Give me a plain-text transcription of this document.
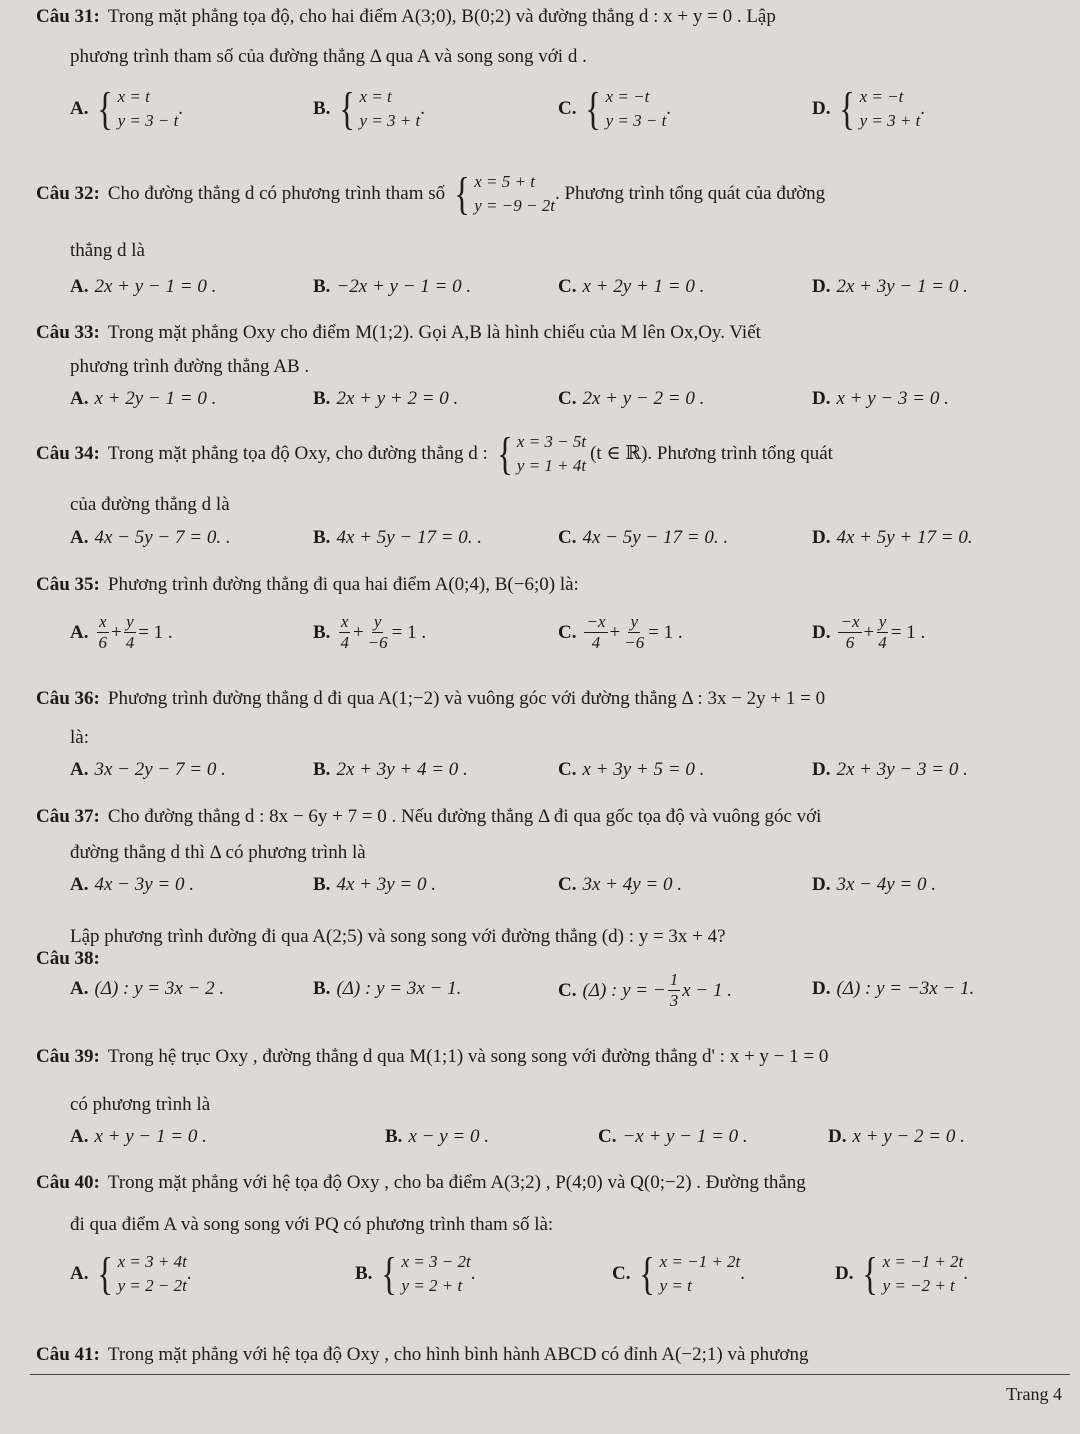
Câu 31: Trong mặt phẳng tọa độ, cho hai điểm A(3;0), B(0;2) và đường thẳng d : x + y = 0 . Lập
phương trình tham số của đường thẳng Δ qua A và song song với d .
A. { x = t
y = 3 − t
.	B. { x = t
y = 3 + t
.	C. { x = −t
y = 3 − t
.	D. { x = −t
y = 3 + t
.
Câu 32: Cho đường thẳng d có phương trình tham số { x = 5 + t
y = −9 − 2t
. Phương trình tổng quát của đường
thẳng d là
A. 2x + y − 1 = 0 .	B. −2x + y − 1 = 0 .	C. x + 2y + 1 = 0 .	D. 2x + 3y − 1 = 0 .
Câu 33: Trong mặt phẳng Oxy cho điểm M(1;2). Gọi A,B là hình chiếu của M lên Ox,Oy. Viết
phương trình đường thẳng AB .
A. x + 2y − 1 = 0 .	B. 2x + y + 2 = 0 .	C. 2x + y − 2 = 0 .	D. x + y − 3 = 0 .
Câu 34: Trong mặt phẳng tọa độ Oxy, cho đường thẳng d : { x = 3 − 5t
y = 1 + 4t
(t ∈ ℝ). Phương trình tổng quát
của đường thẳng d là
A. 4x − 5y − 7 = 0. .	B. 4x + 5y − 17 = 0. .	C. 4x − 5y − 17 = 0. .	D. 4x + 5y + 17 = 0.
Câu 35: Phương trình đường thẳng đi qua hai điểm A(0;4), B(−6;0) là:
A. $\frac{x}{6} + \frac{y}{4} = 1$ .	B. $\frac{x}{4} + \frac{y}{-6} = 1$ .	C. $\frac{-x}{4} + \frac{y}{-6} = 1$ .	D. $\frac{-x}{6} + \frac{y}{4} = 1$ .
Câu 36: Phương trình đường thẳng d đi qua A(1;−2) và vuông góc với đường thẳng Δ : 3x − 2y + 1 = 0
là:
A. 3x − 2y − 7 = 0 .	B. 2x + 3y + 4 = 0 .	C. x + 3y + 5 = 0 .	D. 2x + 3y − 3 = 0 .
Câu 37: Cho đường thẳng d : 8x − 6y + 7 = 0 . Nếu đường thẳng Δ đi qua gốc tọa độ và vuông góc với
đường thẳng d thì Δ có phương trình là
A. 4x − 3y = 0 .	B. 4x + 3y = 0 .	C. 3x + 4y = 0 .	D. 3x − 4y = 0 .
Câu 38:
Lập phương trình đường đi qua A(2;5) và song song với đường thẳng (d) : y = 3x + 4?
A. (Δ) : y = 3x − 2 .	B. (Δ) : y = 3x − 1.	C. (Δ) : y = − $\frac{1}{3}$ x − 1 .	D. (Δ) : y = −3x − 1.
Câu 39: Trong hệ trục Oxy , đường thẳng d qua M(1;1) và song song với đường thẳng d' : x + y − 1 = 0
có phương trình là
A. x + y − 1 = 0 .	B. x − y = 0 .	C. −x + y − 1 = 0 .	D. x + y − 2 = 0 .
Câu 40: Trong mặt phẳng với hệ tọa độ Oxy , cho ba điểm A(3;2) , P(4;0) và Q(0;−2) . Đường thẳng
đi qua điểm A và song song với PQ có phương trình tham số là:
A. { x = 3 + 4t
y = 2 − 2t
.	B. { x = 3 − 2t
y = 2 + t
.	C. { x = −1 + 2t
y = t
.	D. { x = −1 + 2t
y = −2 + t
.
Câu 41: Trong mặt phẳng với hệ tọa độ Oxy , cho hình bình hành ABCD có đỉnh A(−2;1) và phương
Trang 4
